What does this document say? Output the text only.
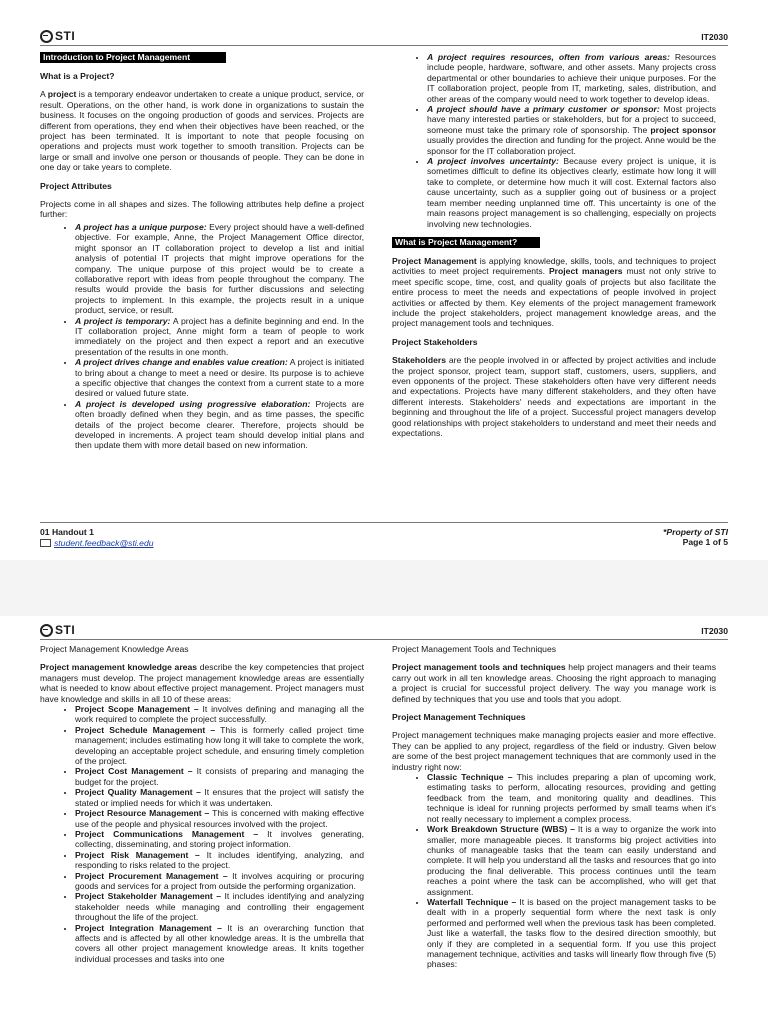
STI	IT2030
Introduction to Project Management
What is a Project?

A project is a temporary endeavor undertaken to create a unique product, service, or result. Operations, on the other hand, is work done in organizations to sustain the business. It focuses on the ongoing production of goods and services. Projects are different from operations, they end when their objectives have been reached, or the project has been terminated. It is important to note that people focusing on operations and projects must work together to smooth transition. Projects can be large or small and involve one person or thousands of people. They can be done in one day or take years to complete.

Project Attributes

Projects come in all shapes and sizes. The following attributes help define a project further:

• A project has a unique purpose: Every project should have a well-defined objective. For example, Anne, the Project Management Office director, might sponsor an IT collaboration project to develop a list and initial analysis of potential IT projects that might improve operations for the company. The unique purpose of this project would be to create a collaborative report with ideas from people throughout the company. The results would provide the basis for further discussions and selecting projects to implement. In this example, the projects result in a unique product, service, or result.
• A project is temporary: A project has a definite beginning and end. In the IT collaboration project, Anne might form a team of people to work immediately on the project and then expect a report and an executive presentation of the results in one month.
• A project drives change and enables value creation: A project is initiated to bring about a change to meet a need or desire. Its purpose is to achieve a specific objective that changes the context from a current state to a more desired or valued future state.
• A project is developed using progressive elaboration: Projects are often broadly defined when they begin, and as time passes, the specific details of the project become clearer. Therefore, projects should be developed in increments. A project team should develop initial plans and then update them with more detail based on new information.
• A project requires resources, often from various areas: Resources include people, hardware, software, and other assets. Many projects cross departmental or other boundaries to achieve their unique purposes. For the IT collaboration project, people from IT, marketing, sales, distribution, and other areas of the company would need to work together to develop ideas.
• A project should have a primary customer or sponsor: Most projects have many interested parties or stakeholders, but for a project to succeed, someone must take the primary role of sponsorship. The project sponsor usually provides the direction and funding for the project. Anne would be the sponsor for the IT collaboration project.
• A project involves uncertainty: Because every project is unique, it is sometimes difficult to define its objectives clearly, estimate how long it will take to complete, or determine how much it will cost. External factors also cause uncertainty, such as a supplier going out of business or a project team member needing unplanned time off. This uncertainty is one of the main reasons project management is so challenging, especially on projects involving new technologies.
What is Project Management?

Project Management is applying knowledge, skills, tools, and techniques to project activities to meet project requirements. Project managers must not only strive to meet specific scope, time, cost, and quality goals of projects but also facilitate the entire process to meet the needs and expectations of people involved in project activities or affected by them. Key elements of the project management framework include the project stakeholders, project management knowledge areas, and the project management tools and techniques.

Project Stakeholders

Stakeholders are the people involved in or affected by project activities and include the project sponsor, project team, support staff, customers, users, suppliers, and even opponents of the project. These stakeholders often have very different needs and expectations. Projects have many different stakeholders, and they often have different interests. Stakeholders' needs and expectations are important in the beginning and throughout the life of a project. Successful project managers develop good relationships with project stakeholders to understand and meet their needs and expectations.

01 Handout 1
student.feedback@sti.edu
*Property of STI
Page 1 of 5
STI	IT2030
Project Management Knowledge Areas

Project management knowledge areas describe the key competencies that project managers must develop. The project management knowledge areas are essentially what is needed to know about effective project management. Project managers must have knowledge and skills in all 10 of these areas:

• Project Scope Management – It involves defining and managing all the work required to complete the project successfully.
• Project Schedule Management – This is formerly called project time management; includes estimating how long it will take to complete the work, developing an acceptable project schedule, and ensuring timely completion of the project.
• Project Cost Management – It consists of preparing and managing the budget for the project.
• Project Quality Management – It ensures that the project will satisfy the stated or implied needs for which it was undertaken.
• Project Resource Management – This is concerned with making effective use of the people and physical resources involved with the project.
• Project Communications Management – It involves generating, collecting, disseminating, and storing project information.
• Project Risk Management – It includes identifying, analyzing, and responding to risks related to the project.
• Project Procurement Management – It involves acquiring or procuring goods and services for a project from outside the performing organization.
• Project Stakeholder Management – It includes identifying and analyzing stakeholder needs while managing and controlling their engagement throughout the life of the project.
• Project Integration Management – It is an overarching function that affects and is affected by all other knowledge areas. It is the umbrella that covers all other project management knowledge areas. It knits together individual processes and tasks into one
Project Management Tools and Techniques

Project management tools and techniques help project managers and their teams carry out work in all ten knowledge areas. Choosing the right approach to managing a project is crucial for successful project delivery. The way you manage work is defined by techniques that you use and tools that you adopt.

Project Management Techniques

Project management techniques make managing projects easier and more effective. They can be applied to any project, regardless of the field or industry. Given below are some of the best project management techniques that are commonly used in the industry right now:

• Classic Technique – This includes preparing a plan of upcoming work, estimating tasks to perform, allocating resources, providing and getting feedback from the team, and monitoring quality and deadlines. This technique is ideal for running projects performed by small teams when it's not really necessary to implement a complex process.
• Work Breakdown Structure (WBS) – It is a way to organize the work into smaller, more manageable pieces. It transforms big project activities into chunks of manageable tasks that the team can easily understand and complete. It will help you understand all the tasks and resources that go into producing the final deliverable. This process continues until the team reaches a point where the task can be accomplished, who will get that assignment.
• Waterfall Technique – It is based on the project management tasks to be dealt with in a properly sequential form where the next task is only performed and performed well when the previous task has been completed. Just like a waterfall, the tasks flow to the desired direction smoothly, but only if they are completed in a sequential form. If you use this project management technique, activities and tasks will linearly flow through five (5) phases:
